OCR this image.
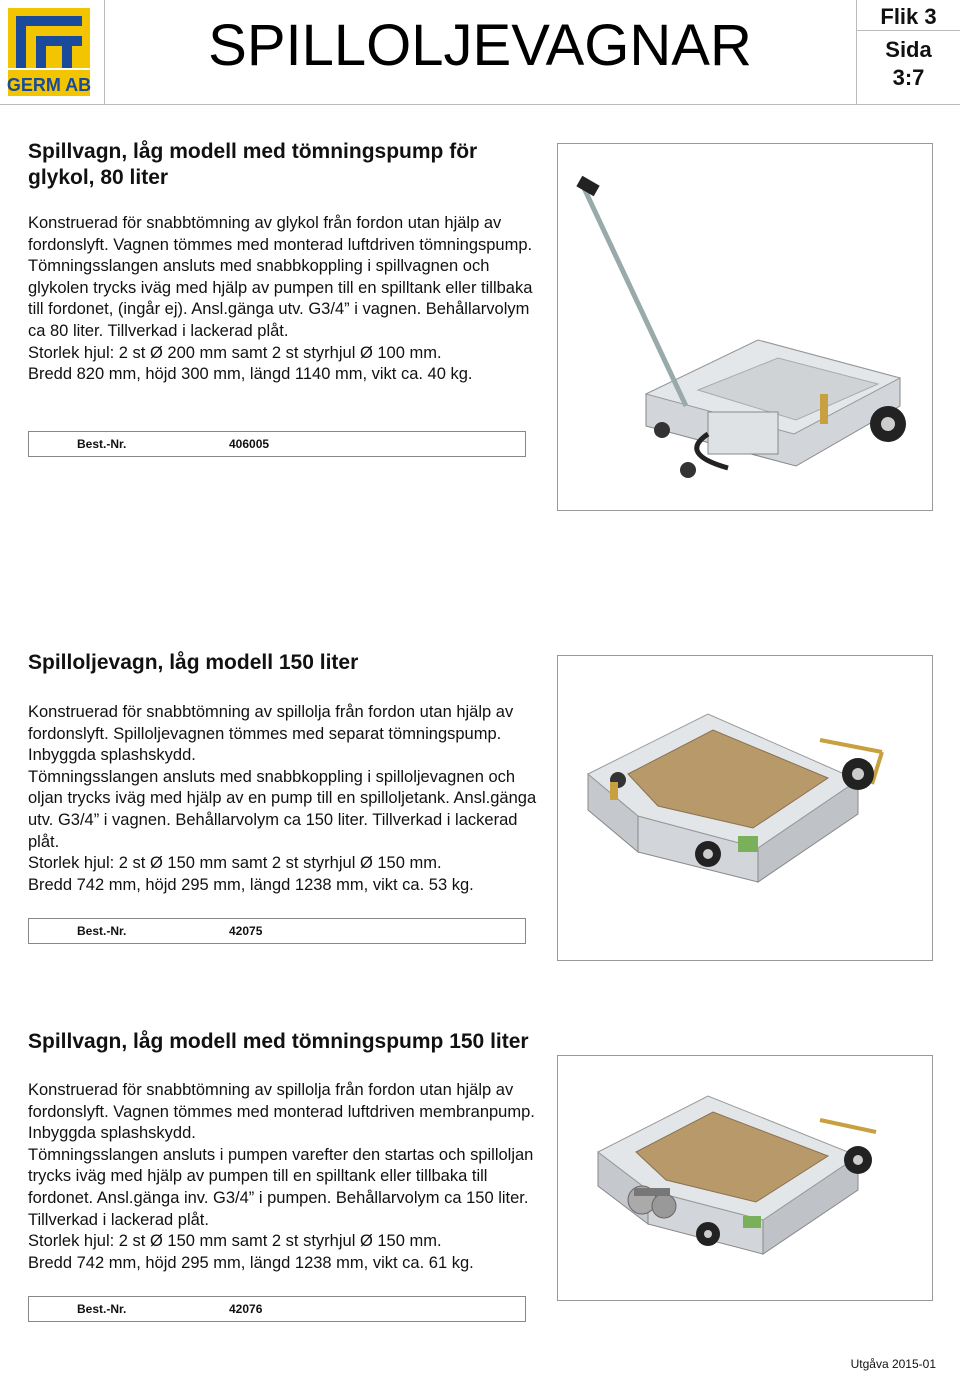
GERM AB
SPILLOLJEVAGNAR	Flik 3
Sida
3:7
Spillvagn, låg modell med tömningspump för glykol, 80 liter

Konstruerad för snabbtömning av glykol från fordon utan hjälp av fordonslyft. Vagnen tömmes med monterad luftdriven tömningspump.

Tömningsslangen ansluts med snabbkoppling i spillvagnen och glykolen trycks iväg med hjälp av pumpen till en spilltank eller tillbaka till fordonet, (ingår ej). Ansl.gänga utv. G3/4” i vagnen. Behållarvolym ca 80 liter. Tillverkad i lackerad plåt.

Storlek hjul: 2 st Ø 200 mm samt 2 st styrhjul Ø 100 mm.

Bredd 820 mm, höjd 300 mm, längd 1140 mm, vikt ca. 40 kg.

Best.-Nr.	406005
Spilloljevagn, låg modell 150 liter

Konstruerad för snabbtömning av spillolja från fordon utan hjälp av fordonslyft. Spilloljevagnen tömmes med separat tömningspump. Inbyggda splashskydd.

Tömningsslangen ansluts med snabbkoppling i spilloljevagnen och oljan trycks iväg med hjälp av en pump till en spilloljetank. Ansl.gänga utv. G3/4” i vagnen. Behållarvolym ca 150 liter. Tillverkad i lackerad plåt.

Storlek hjul: 2 st Ø 150 mm samt 2 st styrhjul Ø 150 mm.

Bredd 742 mm, höjd 295 mm, längd 1238 mm, vikt ca. 53 kg.

Best.-Nr.	42075
Spillvagn, låg modell med tömningspump 150 liter

Konstruerad för snabbtömning av spillolja från fordon utan hjälp av fordonslyft. Vagnen tömmes med monterad luftdriven membranpump. Inbyggda splashskydd.

Tömningsslangen ansluts i pumpen varefter den startas och spilloljan trycks iväg med hjälp av pumpen till en spilltank eller tillbaka till fordonet. Ansl.gänga inv. G3/4” i pumpen. Behållarvolym ca 150 liter. Tillverkad i lackerad plåt.

Storlek hjul: 2 st Ø 150 mm samt 2 st styrhjul Ø 150 mm.

Bredd 742 mm, höjd 295 mm, längd 1238 mm, vikt ca. 61 kg.

Best.-Nr.	42076
Utgåva 2015-01
